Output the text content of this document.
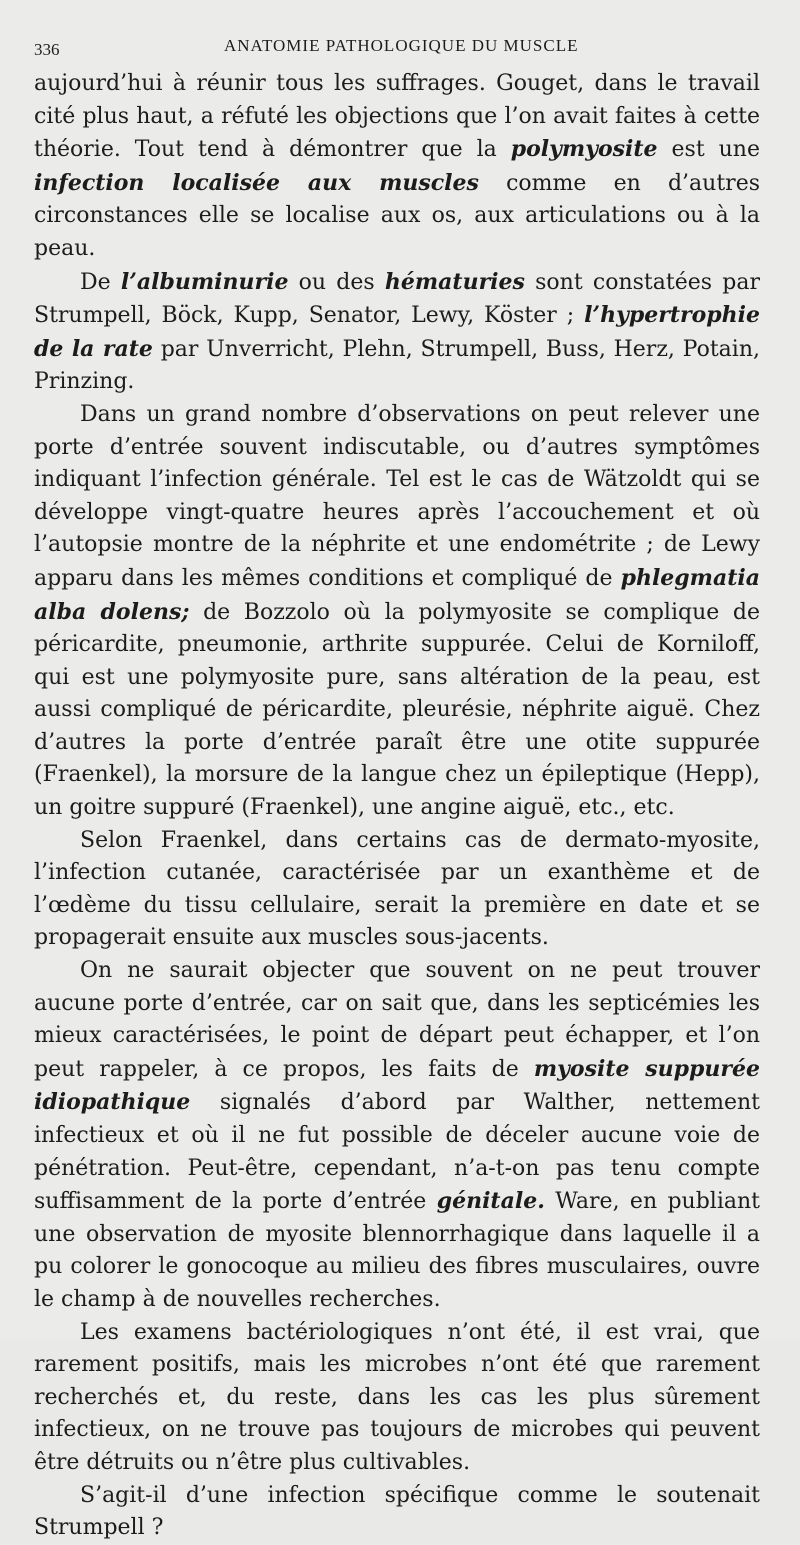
336	ANATOMIE PATHOLOGIQUE DU MUSCLE

aujourd’hui à réunir tous les suffrages. Gouget, dans le travail cité plus haut, a réfuté les objections que l’on avait faites à cette théorie. Tout tend à démontrer que la polymyosite est une infection localisée aux muscles comme en d’autres circonstances elle se localise aux os, aux articulations ou à la peau.

De l’albuminurie ou des hématuries sont constatées par Strumpell, Böck, Kupp, Senator, Lewy, Köster ; l’hypertrophie de la rate par Unverricht, Plehn, Strumpell, Buss, Herz, Potain, Prinzing.

Dans un grand nombre d’observations on peut relever une porte d’entrée souvent indiscutable, ou d’autres symptômes indiquant l’infection générale. Tel est le cas de Wätzoldt qui se développe vingt-quatre heures après l’accouchement et où l’autopsie montre de la néphrite et une endométrite ; de Lewy apparu dans les mêmes conditions et compliqué de phlegmatia alba dolens; de Bozzolo où la polymyosite se complique de péricardite, pneumonie, arthrite suppurée. Celui de Korniloff, qui est une polymyosite pure, sans altération de la peau, est aussi compliqué de péricardite, pleurésie, néphrite aiguë. Chez d’autres la porte d’entrée paraît être une otite suppurée (Fraenkel), la morsure de la langue chez un épileptique (Hepp), un goitre suppuré (Fraenkel), une angine aiguë, etc., etc.

Selon Fraenkel, dans certains cas de dermato-myosite, l’infection cutanée, caractérisée par un exanthème et de l’œdème du tissu cellulaire, serait la première en date et se propagerait ensuite aux muscles sous-jacents.

On ne saurait objecter que souvent on ne peut trouver aucune porte d’entrée, car on sait que, dans les septicémies les mieux caractérisées, le point de départ peut échapper, et l’on peut rappeler, à ce propos, les faits de myosite suppurée idiopathique signalés d’abord par Walther, nettement infectieux et où il ne fut possible de déceler aucune voie de pénétration. Peut-être, cependant, n’a-t-on pas tenu compte suffisamment de la porte d’entrée génitale. Ware, en publiant une observation de myosite blennorrhagique dans laquelle il a pu colorer le gonocoque au milieu des fibres musculaires, ouvre le champ à de nouvelles recherches.

Les examens bactériologiques n’ont été, il est vrai, que rarement positifs, mais les microbes n’ont été que rarement recherchés et, du reste, dans les cas les plus sûrement infectieux, on ne trouve pas toujours de microbes qui peuvent être détruits ou n’être plus cultivables.

S’agit-il d’une infection spécifique comme le soutenait Strumpell ?
